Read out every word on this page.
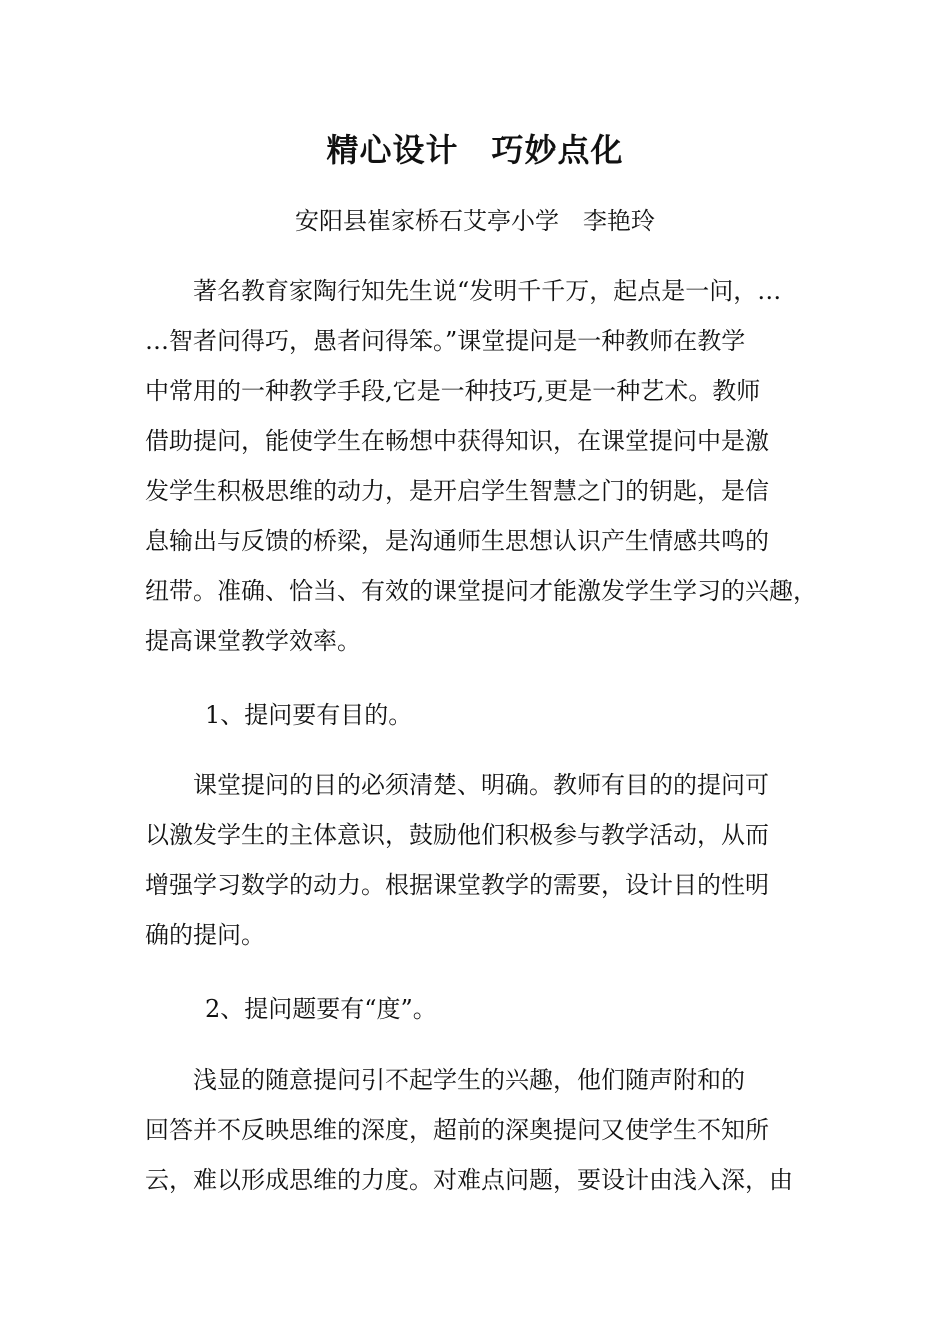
精心设计　巧妙点化
安阳县崔家桥石艾亭小学　李艳玲
　　著名教育家陶行知先生说“发明千千万，起点是一问，…
…智者问得巧，愚者问得笨。”课堂提问是一种教师在教学
中常用的一种教学手段,它是一种技巧,更是一种艺术。教师
借助提问，能使学生在畅想中获得知识，在课堂提问中是激
发学生积极思维的动力，是开启学生智慧之门的钥匙，是信
息输出与反馈的桥梁，是沟通师生思想认识产生情感共鸣的
纽带。准确、恰当、有效的课堂提问才能激发学生学习的兴趣，
提高课堂教学效率。
1、提问要有目的。
　　课堂提问的目的必须清楚、明确。教师有目的的提问可
以激发学生的主体意识，鼓励他们积极参与教学活动，从而
增强学习数学的动力。根据课堂教学的需要，设计目的性明
确的提问。
2、提问题要有“度”。
　　浅显的随意提问引不起学生的兴趣，他们随声附和的
回答并不反映思维的深度，超前的深奥提问又使学生不知所
云，难以形成思维的力度。对难点问题，要设计由浅入深，由
